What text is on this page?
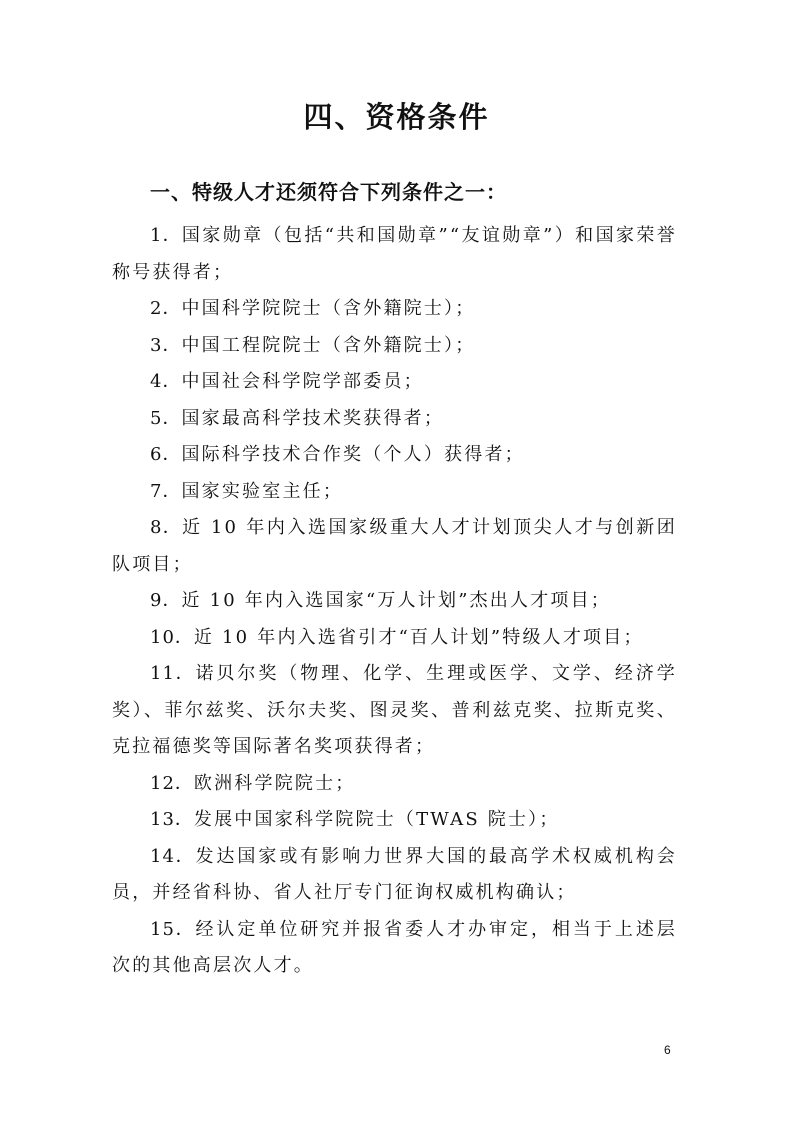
四、资格条件
一、特级人才还须符合下列条件之一：
1．国家勋章（包括“共和国勋章”“友谊勋章”）和国家荣誉称号获得者；
2．中国科学院院士（含外籍院士）；
3．中国工程院院士（含外籍院士）；
4．中国社会科学院学部委员；
5．国家最高科学技术奖获得者；
6．国际科学技术合作奖（个人）获得者；
7．国家实验室主任；
8．近 10 年内入选国家级重大人才计划顶尖人才与创新团队项目；
9．近 10 年内入选国家“万人计划”杰出人才项目；
10．近 10 年内入选省引才“百人计划”特级人才项目；
11．诺贝尔奖（物理、化学、生理或医学、文学、经济学奖）、菲尔兹奖、沃尔夫奖、图灵奖、普利兹克奖、拉斯克奖、克拉福德奖等国际著名奖项获得者；
12．欧洲科学院院士；
13．发展中国家科学院院士（TWAS 院士）；
14．发达国家或有影响力世界大国的最高学术权威机构会员，并经省科协、省人社厅专门征询权威机构确认；
15．经认定单位研究并报省委人才办审定，相当于上述层次的其他高层次人才。
6
